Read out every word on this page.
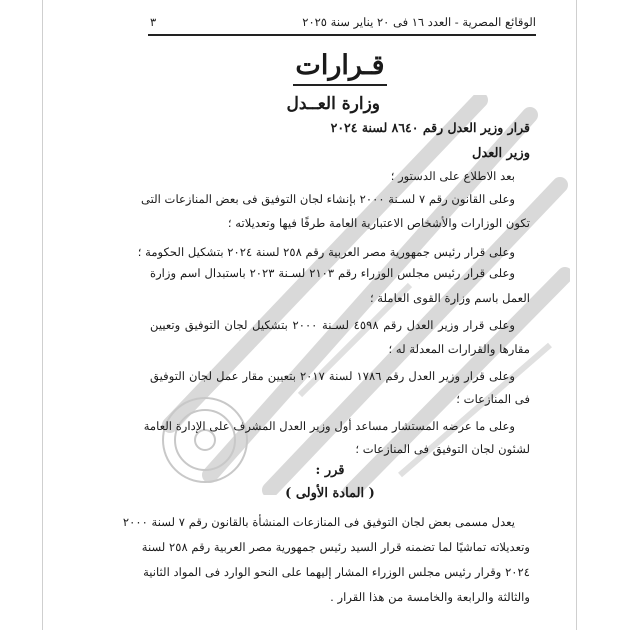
الوقائع المصرية - العدد ١٦ فى ٢٠ يناير سنة ٢٠٢٥
٣
قـرارات
وزارة العــدل
قرار وزير العدل رقم ٨٦٤٠ لسنة ٢٠٢٤
وزير العدل
بعد الاطلاع على الدستور ؛
وعلى القانون رقم ٧ لسـنة ٢٠٠٠ بإنشاء لجان التوفيق فى بعض المنازعات التى
تكون الوزارات والأشخاص الاعتبارية العامة طرفًا فيها وتعديلاته ؛
وعلى قرار رئيس جمهورية مصر العربية رقم ٢٥٨ لسنة ٢٠٢٤ بتشكيل الحكومة ؛
وعلى قرار رئيس مجلس الوزراء رقم ٢١٠٣ لسـنة ٢٠٢٣ باستبدال اسم وزارة
العمل باسم وزارة القوى العاملة ؛
وعلى قرار وزير العدل رقم ٤٥٩٨ لسـنة ٢٠٠٠ بتشكيل لجان التوفيق وتعيين
مقارها والقرارات المعدلة له ؛
وعلى قرار وزير العدل رقم ١٧٨٦ لسنة ٢٠١٧ بتعيين مقار عمل لجان التوفيق
فى المنازعات ؛
وعلى ما عرضه المستشار مساعد أول وزير العدل المشرف على الإدارة العامة
لشئون لجان التوفيق فى المنازعات ؛
قرر :
( المادة الأولى )
يعدل مسمى بعض لجان التوفيق فى المنازعات المنشأة بالقانون رقم ٧ لسنة ٢٠٠٠
وتعديلاته تماشيًا لما تضمنه قرار السيد رئيس جمهورية مصر العربية رقم ٢٥٨ لسنة
٢٠٢٤ وقرار رئيس مجلس الوزراء المشار إليهما على النحو الوارد فى المواد الثانية
والثالثة والرابعة والخامسة من هذا القرار .
